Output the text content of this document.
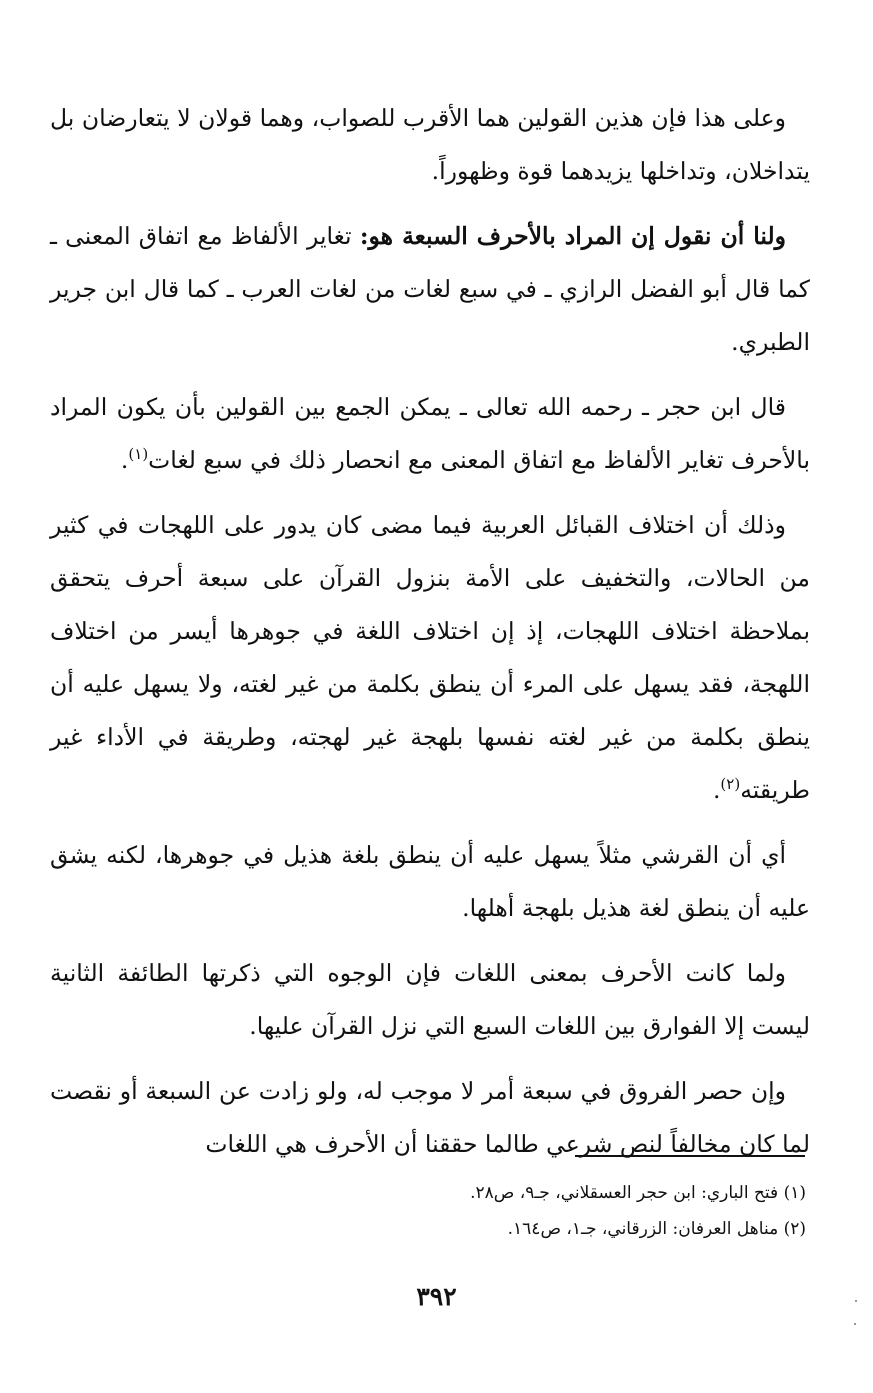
وعلى هذا فإن هذين القولين هما الأقرب للصواب، وهما قولان لا يتعارضان بل يتداخلان، وتداخلها يزيدهما قوة وظهوراً.

ولنا أن نقول إن المراد بالأحرف السبعة هو: تغاير الألفاظ مع اتفاق المعنى ـ كما قال أبو الفضل الرازي ـ في سبع لغات من لغات العرب ـ كما قال ابن جرير الطبري.

قال ابن حجر ـ رحمه الله تعالى ـ يمكن الجمع بين القولين بأن يكون المراد بالأحرف تغاير الألفاظ مع اتفاق المعنى مع انحصار ذلك في سبع لغات$^{(١)}$.

وذلك أن اختلاف القبائل العربية فيما مضى كان يدور على اللهجات في كثير من الحالات، والتخفيف على الأمة بنزول القرآن على سبعة أحرف يتحقق بملاحظة اختلاف اللهجات، إذ إن اختلاف اللغة في جوهرها أيسر من اختلاف اللهجة، فقد يسهل على المرء أن ينطق بكلمة من غير لغته، ولا يسهل عليه أن ينطق بكلمة من غير لغته نفسها بلهجة غير لهجته، وطريقة في الأداء غير طريقته$^{(٢)}$.

أي أن القرشي مثلاً يسهل عليه أن ينطق بلغة هذيل في جوهرها، لكنه يشق عليه أن ينطق لغة هذيل بلهجة أهلها.

ولما كانت الأحرف بمعنى اللغات فإن الوجوه التي ذكرتها الطائفة الثانية ليست إلا الفوارق بين اللغات السبع التي نزل القرآن عليها.

وإن حصر الفروق في سبعة أمر لا موجب له، ولو زادت عن السبعة أو نقصت لما كان مخالفاً لنص شرعي طالما حققنا أن الأحرف هي اللغات

(١) فتح الباري: ابن حجر العسقلاني، جـ٩، ص٢٨.

(٢) مناهل العرفان: الزرقاني، جـ١، ص١٦٤.

٣٩٢
